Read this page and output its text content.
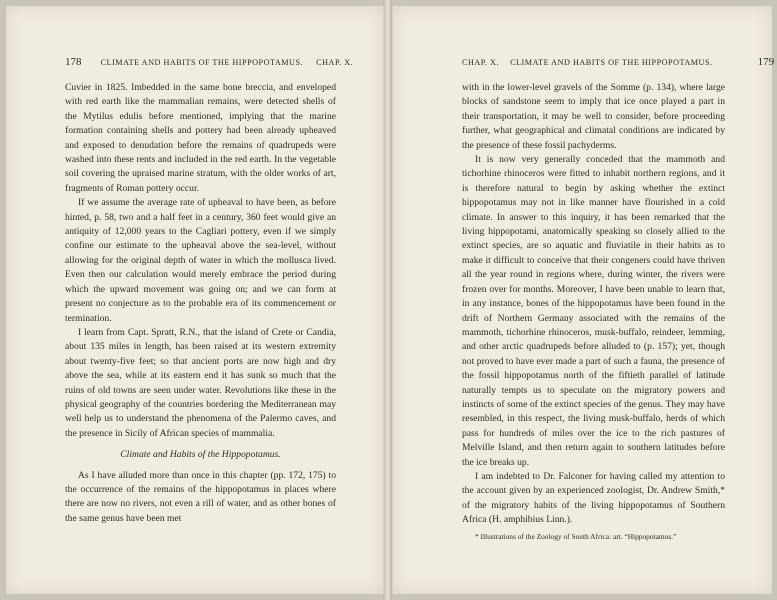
178 CLIMATE AND HABITS OF THE HIPPOPOTAMUS. CHAP. X.

Cuvier in 1825. Imbedded in the same bone breccia, and enveloped with red earth like the mammalian remains, were detected shells of the Mytilus edulis before mentioned, implying that the marine formation containing shells and pottery had been already upheaved and exposed to denudation before the remains of quadrupeds were washed into these rents and included in the red earth. In the vegetable soil covering the upraised marine stratum, with the older works of art, fragments of Roman pottery occur.

If we assume the average rate of upheaval to have been, as before hinted, p. 58, two and a half feet in a century, 360 feet would give an antiquity of 12,000 years to the Cagliari pottery, even if we simply confine our estimate to the upheaval above the sea-level, without allowing for the original depth of water in which the mollusca lived. Even then our calculation would merely embrace the period during which the upward movement was going on; and we can form at present no conjecture as to the probable era of its commencement or termination.

I learn from Capt. Spratt, R.N., that the island of Crete or Candia, about 135 miles in length, has been raised at its western extremity about twenty-five feet; so that ancient ports are now high and dry above the sea, while at its eastern end it has sunk so much that the ruins of old towns are seen under water. Revolutions like these in the physical geography of the countries bordering the Mediterranean may well help us to understand the phenomena of the Palermo caves, and the presence in Sicily of African species of mammalia.

Climate and Habits of the Hippopotamus.

As I have alluded more than once in this chapter (pp. 172, 175) to the occurrence of the remains of the hippopotamus in places where there are now no rivers, not even a rill of water, and as other bones of the same genus have been met

CHAP. X. CLIMATE AND HABITS OF THE HIPPOPOTAMUS.	179

with in the lower-level gravels of the Somme (p. 134), where large blocks of sandstone seem to imply that ice once played a part in their transportation, it may be well to consider, before proceeding further, what geographical and climatal conditions are indicated by the presence of these fossil pachyderms.

It is now very generally conceded that the mammoth and tichorhine rhinoceros were fitted to inhabit northern regions, and it is therefore natural to begin by asking whether the extinct hippopotamus may not in like manner have flourished in a cold climate. In answer to this inquiry, it has been remarked that the living hippopotami, anatomically speaking so closely allied to the extinct species, are so aquatic and fluviatile in their habits as to make it difficult to conceive that their congeners could have thriven all the year round in regions where, during winter, the rivers were frozen over for months. Moreover, I have been unable to learn that, in any instance, bones of the hippopotamus have been found in the drift of Northern Germany associated with the remains of the mammoth, tichorhine rhinoceros, musk-buffalo, reindeer, lemming, and other arctic quadrupeds before alluded to (p. 157); yet, though not proved to have ever made a part of such a fauna, the presence of the fossil hippopotamus north of the fiftieth parallel of latitude naturally tempts us to speculate on the migratory powers and instincts of some of the extinct species of the genus. They may have resembled, in this respect, the living musk-buffalo, herds of which pass for hundreds of miles over the ice to the rich pastures of Melville Island, and then return again to southern latitudes before the ice breaks up.

I am indebted to Dr. Falconer for having called my attention to the account given by an experienced zoologist, Dr. Andrew Smith,* of the migratory habits of the living hippopotamus of Southern Africa (H. amphibius Linn.).

* Illustrations of the Zoology of South Africa: art. “Hippopotamus.”
